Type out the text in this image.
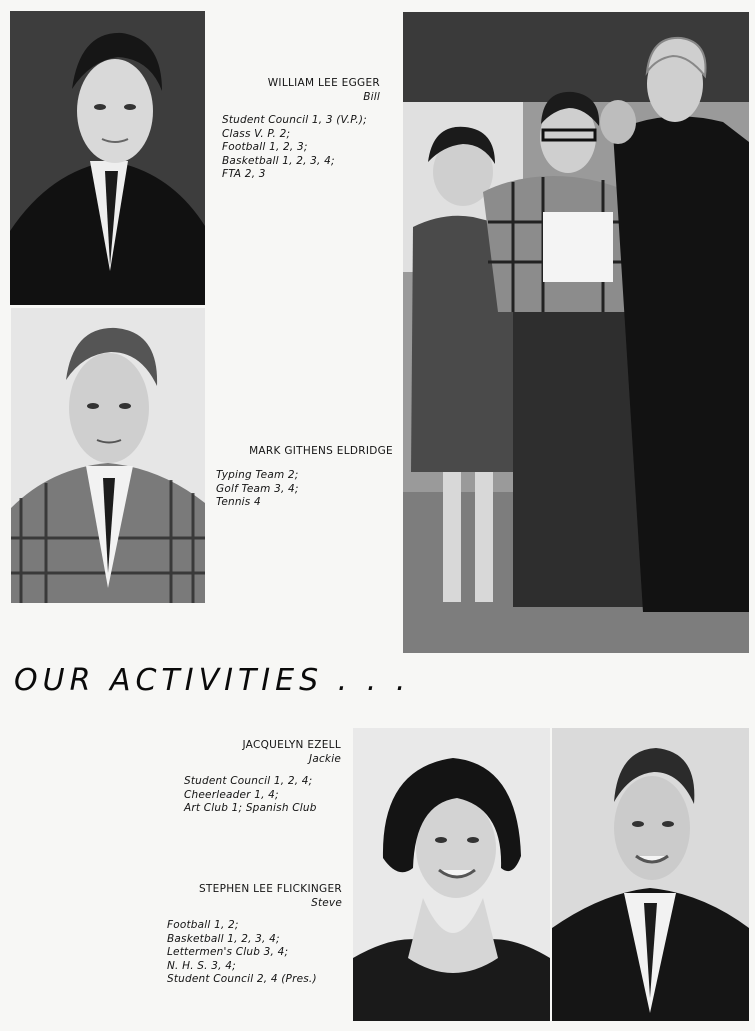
WILLIAM LEE EGGER
Bill
Student Council 1, 3 (V.P.);
Class V. P. 2;
Football 1, 2, 3;
Basketball 1, 2, 3, 4;
FTA 2, 3
MARK GITHENS ELDRIDGE
Typing Team 2;
Golf Team 3, 4;
Tennis 4
OUR ACTIVITIES . . .
JACQUELYN EZELL
Jackie
Student Council 1, 2, 4;
Cheerleader 1, 4;
Art Club 1; Spanish Club
STEPHEN LEE FLICKINGER
Steve
Football 1, 2;
Basketball 1, 2, 3, 4;
Lettermen's Club 3, 4;
N. H. S. 3, 4;
Student Council 2, 4 (Pres.)
